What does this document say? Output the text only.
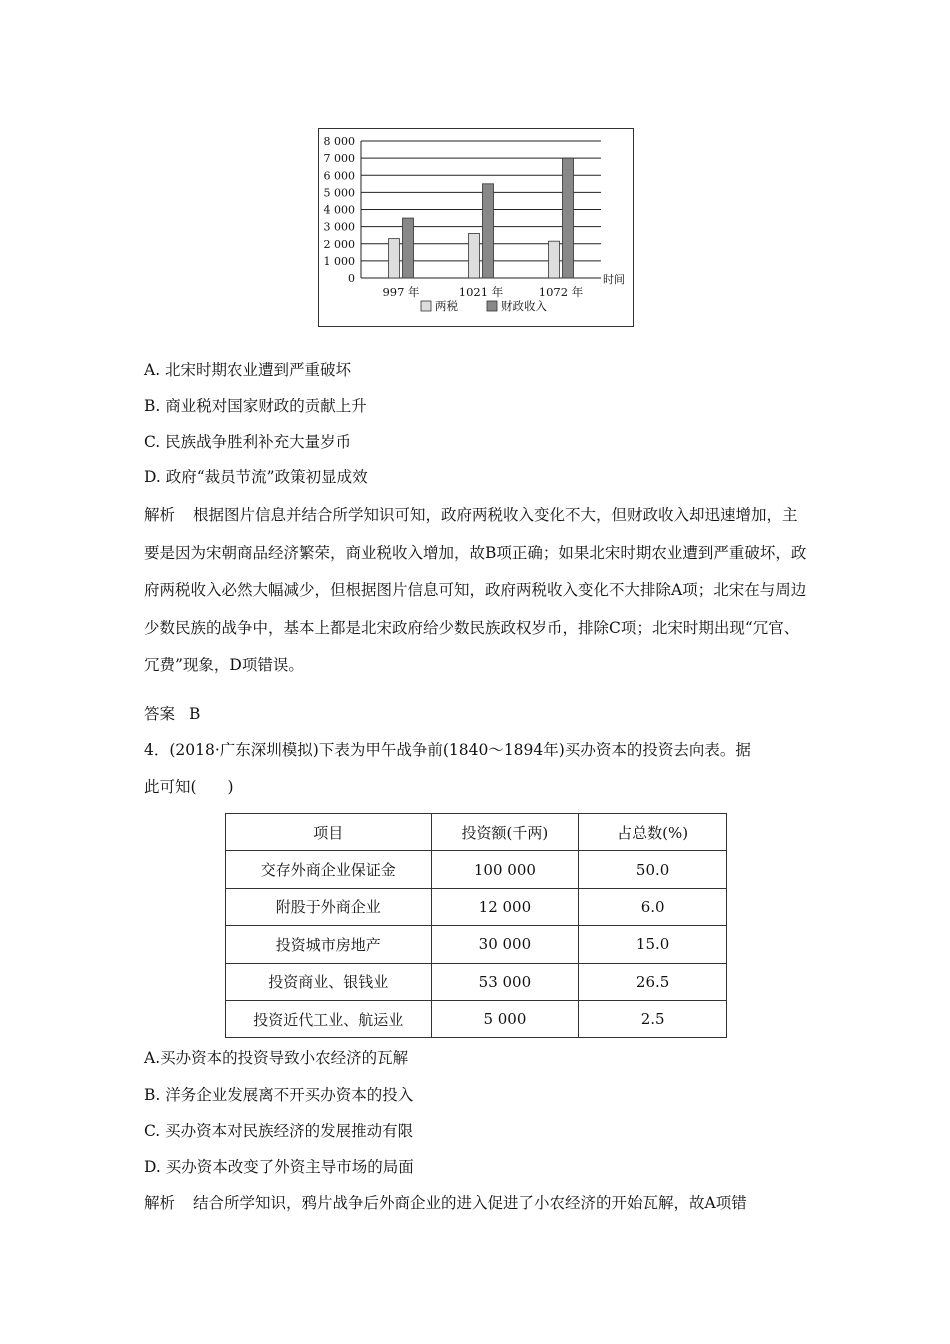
8 000
7 000
6 000
5 000
4 000
3 000
2 000
1 000
0	时间
997 年	1021 年	1072 年
两税	财政收入
A. 北宋时期农业遭到严重破坏
B. 商业税对国家财政的贡献上升
C. 民族战争胜利补充大量岁币
D. 政府“裁员节流”政策初显成效
解析 根据图片信息并结合所学知识可知，政府两税收入变化不大，但财政收入却迅速增加，主要是因为宋朝商品经济繁荣，商业税收入增加，故B项正确；如果北宋时期农业遭到严重破坏，政府两税收入必然大幅减少，但根据图片信息可知，政府两税收入变化不大排除A项；北宋在与周边少数民族的战争中，基本上都是北宋政府给少数民族政权岁币，排除C项；北宋时期出现“冗官、冗费”现象，D项错误。
答案 B
4．(2018·广东深圳模拟)下表为甲午战争前(1840～1894年)买办资本的投资去向表。据
此可知(　　)
项目	投资额(千两)	占总数(%)
交存外商企业保证金	100 000	50.0
附股于外商企业	12 000	6.0
投资城市房地产	30 000	15.0
投资商业、银钱业	53 000	26.5
投资近代工业、航运业	5 000	2.5
A.买办资本的投资导致小农经济的瓦解
B. 洋务企业发展离不开买办资本的投入
C. 买办资本对民族经济的发展推动有限
D. 买办资本改变了外资主导市场的局面
解析 结合所学知识，鸦片战争后外商企业的进入促进了小农经济的开始瓦解，故A项错
